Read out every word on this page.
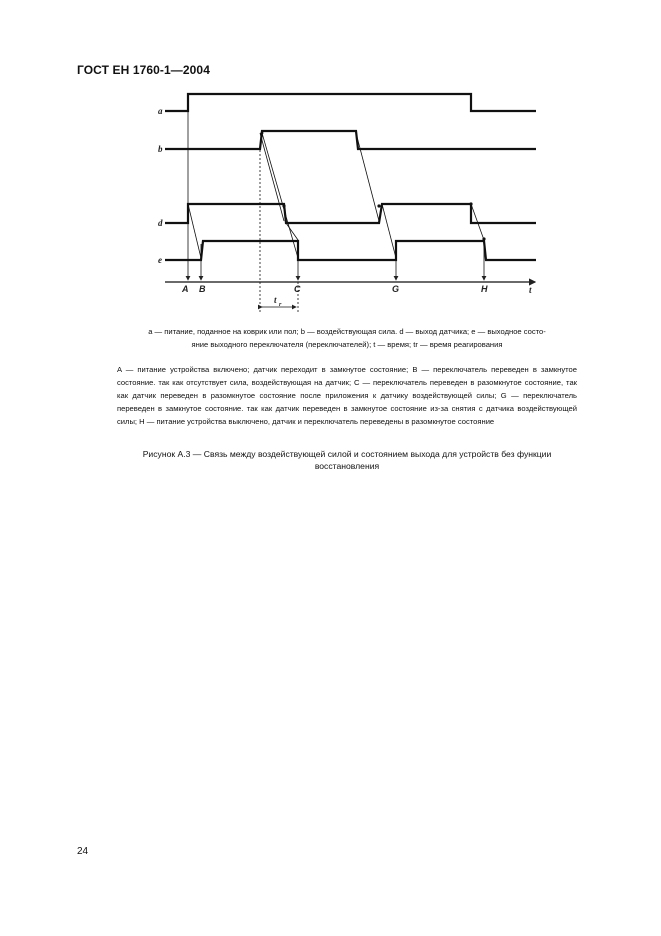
ГОСТ ЕН 1760-1—2004
a
b
d
e
A B	C	G	H	t
t r

a — питание, поданное на коврик или пол; b — воздействующая сила. d — выход датчика; e — выходное состо-

яние выходного переключателя (переключателей); t — время; tr — время реагирования

A — питание устройства включено; датчик переходит в замкнутое состояние; B — переключатель переведен в замкнутое состояние. так как отсутствует сила, воздействующая на датчик; C — переключатель переведен в разомкнутое состояние, так как датчик переведен в разомкнутое состояние после приложения к датчику воздействующей силы; G — переключатель переведен в замкнутое состояние. так как датчик переведен в замкнутое состояние из-за снятия с датчика воздействующей силы; H — питание устройства выключено, датчик и переключатель переведены в разомкнутое состояние

Рисунок А.3 — Связь между воздействующей силой и состоянием выхода для устройств без функции восстановления
24
